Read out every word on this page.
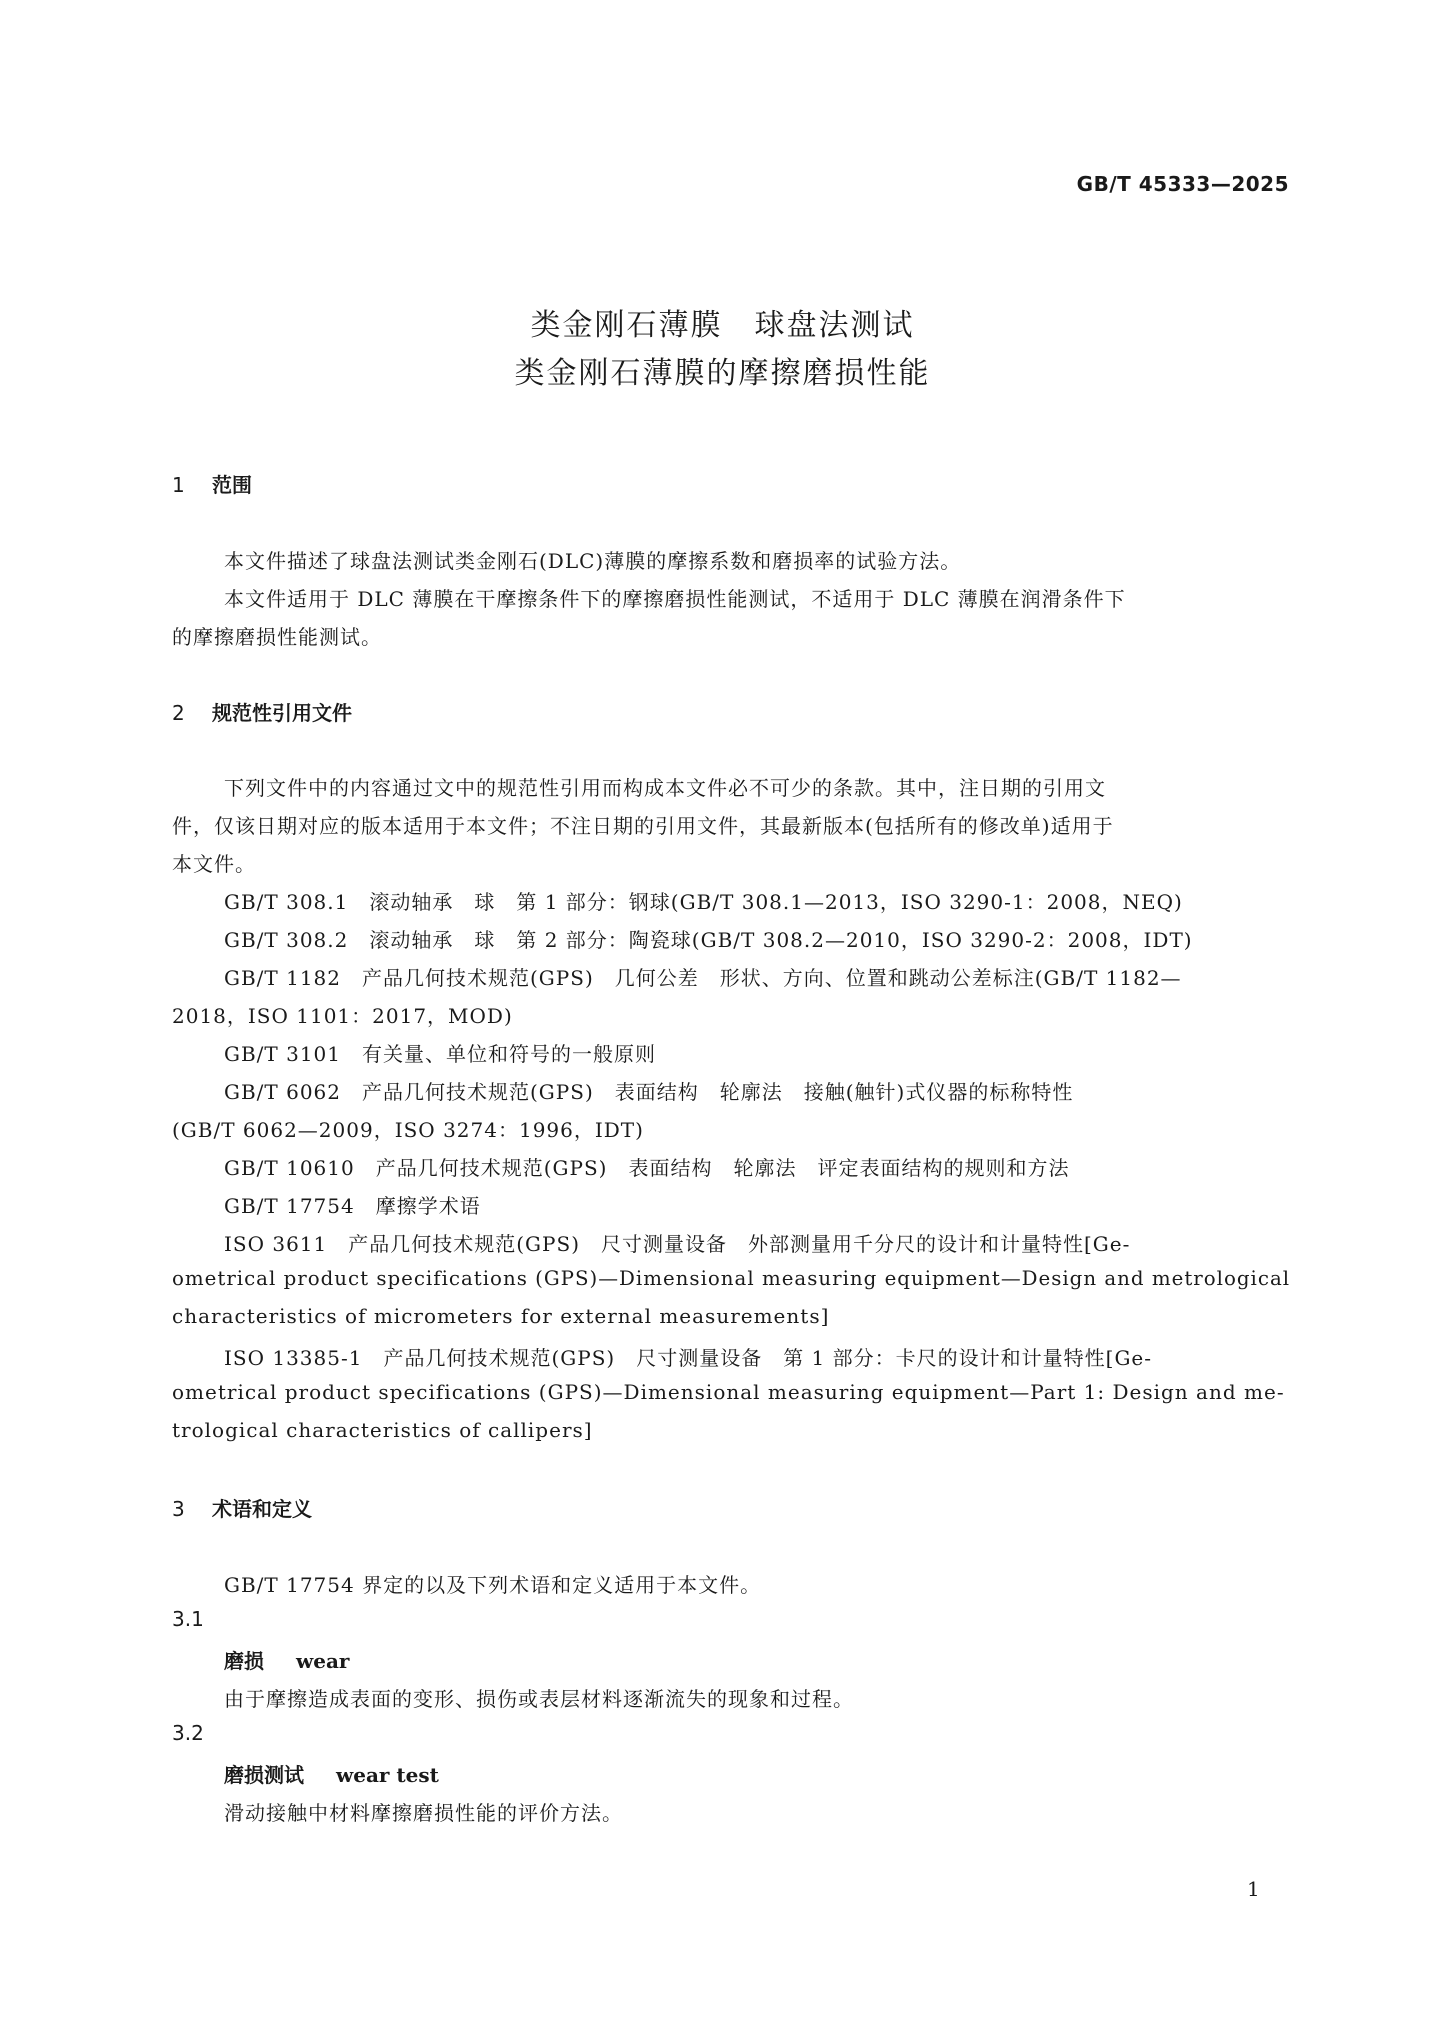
GB/T 45333—2025
类金刚石薄膜　球盘法测试
类金刚石薄膜的摩擦磨损性能
1 范围
本文件描述了球盘法测试类金刚石(DLC)薄膜的摩擦系数和磨损率的试验方法。
本文件适用于 DLC 薄膜在干摩擦条件下的摩擦磨损性能测试，不适用于 DLC 薄膜在润滑条件下
的摩擦磨损性能测试。
2 规范性引用文件
下列文件中的内容通过文中的规范性引用而构成本文件必不可少的条款。其中，注日期的引用文
件，仅该日期对应的版本适用于本文件；不注日期的引用文件，其最新版本(包括所有的修改单)适用于
本文件。
GB/T 308.1　滚动轴承　球　第 1 部分：钢球(GB/T 308.1—2013，ISO 3290-1：2008，NEQ)
GB/T 308.2　滚动轴承　球　第 2 部分：陶瓷球(GB/T 308.2—2010，ISO 3290-2：2008，IDT)
GB/T 1182　产品几何技术规范(GPS)　几何公差　形状、方向、位置和跳动公差标注(GB/T 1182—
2018，ISO 1101：2017，MOD)
GB/T 3101　有关量、单位和符号的一般原则
GB/T 6062　产品几何技术规范(GPS)　表面结构　轮廓法　接触(触针)式仪器的标称特性
(GB/T 6062—2009，ISO 3274：1996，IDT)
GB/T 10610　产品几何技术规范(GPS)　表面结构　轮廓法　评定表面结构的规则和方法
GB/T 17754　摩擦学术语
ISO 3611　产品几何技术规范(GPS)　尺寸测量设备　外部测量用千分尺的设计和计量特性[Ge-
ometrical product specifications (GPS)—Dimensional measuring equipment—Design and metrological
characteristics of micrometers for external measurements]
ISO 13385-1　产品几何技术规范(GPS)　尺寸测量设备　第 1 部分：卡尺的设计和计量特性[Ge-
ometrical product specifications (GPS)—Dimensional measuring equipment—Part 1: Design and me-
trological characteristics of callipers]
3 术语和定义
GB/T 17754 界定的以及下列术语和定义适用于本文件。
3.1
磨损 wear
由于摩擦造成表面的变形、损伤或表层材料逐渐流失的现象和过程。
3.2
磨损测试 wear test
滑动接触中材料摩擦磨损性能的评价方法。
1
